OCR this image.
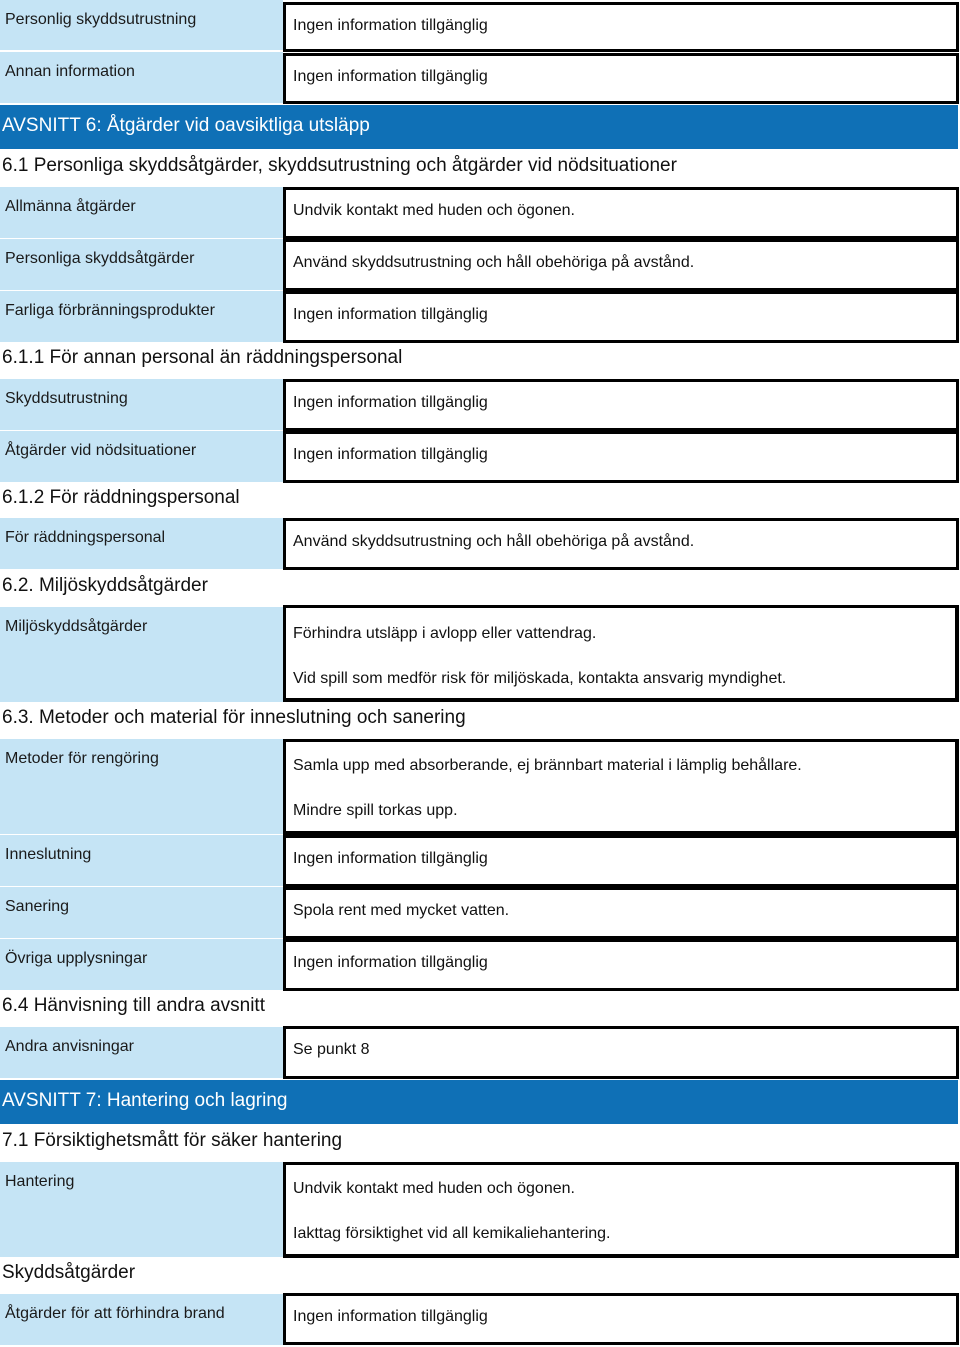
Personlig skyddsutrustning	Ingen information tillgänglig
Annan information	Ingen information tillgänglig
AVSNITT 6: Åtgärder vid oavsiktliga utsläpp
6.1 Personliga skyddsåtgärder, skyddsutrustning och åtgärder vid nödsituationer
Allmänna åtgärder	Undvik kontakt med huden och ögonen.
Personliga skyddsåtgärder	Använd skyddsutrustning och håll obehöriga på avstånd.
Farliga förbränningsprodukter	Ingen information tillgänglig
6.1.1 För annan personal än räddningspersonal
Skyddsutrustning	Ingen information tillgänglig
Åtgärder vid nödsituationer	Ingen information tillgänglig
6.1.2 För räddningspersonal
För räddningspersonal	Använd skyddsutrustning och håll obehöriga på avstånd.
6.2. Miljöskyddsåtgärder
Miljöskyddsåtgärder	Förhindra utsläpp i avlopp eller vattendrag.
Vid spill som medför risk för miljöskada, kontakta ansvarig myndighet.
6.3. Metoder och material för inneslutning och sanering
Metoder för rengöring	Samla upp med absorberande, ej brännbart material i lämplig behållare.
Mindre spill torkas upp.
Inneslutning	Ingen information tillgänglig
Sanering	Spola rent med mycket vatten.
Övriga upplysningar	Ingen information tillgänglig
6.4 Hänvisning till andra avsnitt
Andra anvisningar	Se punkt 8
AVSNITT 7: Hantering och lagring
7.1 Försiktighetsmått för säker hantering
Hantering	Undvik kontakt med huden och ögonen.
Iakttag försiktighet vid all kemikaliehantering.
Skyddsåtgärder
Åtgärder för att förhindra brand	Ingen information tillgänglig
